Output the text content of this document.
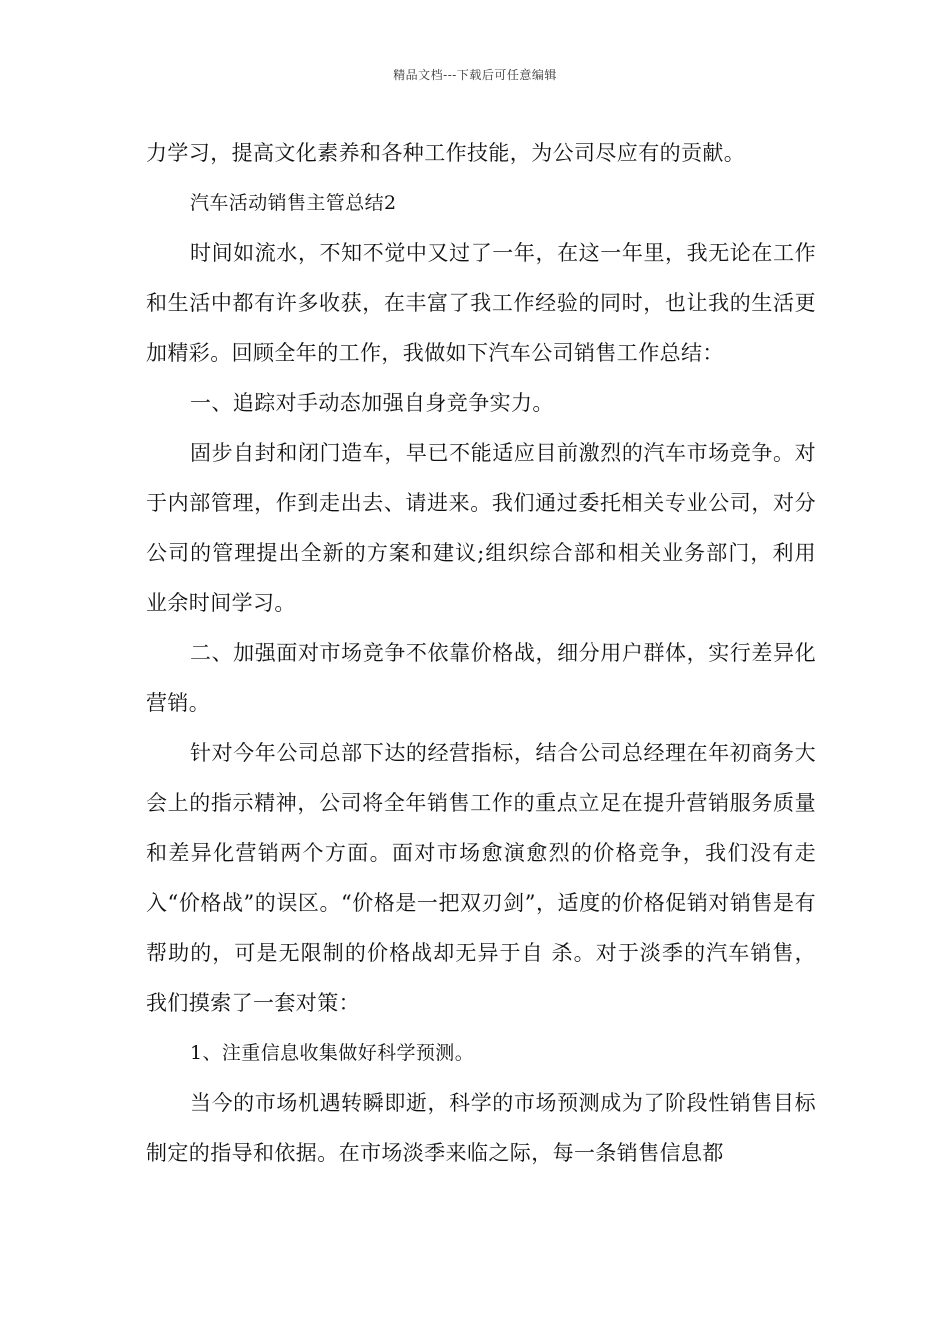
精品文档---下载后可任意编辑

力学习，提高文化素养和各种工作技能，为公司尽应有的贡献。

汽车活动销售主管总结2

时间如流水，不知不觉中又过了一年，在这一年里，我无论在工作和生活中都有许多收获，在丰富了我工作经验的同时，也让我的生活更加精彩。回顾全年的工作，我做如下汽车公司销售工作总结：

一、追踪对手动态加强自身竞争实力。

固步自封和闭门造车，早已不能适应目前激烈的汽车市场竞争。对于内部管理，作到走出去、请进来。我们通过委托相关专业公司，对分公司的管理提出全新的方案和建议;组织综合部和相关业务部门，利用业余时间学习。

二、加强面对市场竞争不依靠价格战，细分用户群体，实行差异化营销。

针对今年公司总部下达的经营指标，结合公司总经理在年初商务大会上的指示精神，公司将全年销售工作的重点立足在提升营销服务质量和差异化营销两个方面。面对市场愈演愈烈的价格竞争，我们没有走入“价格战”的误区。“价格是一把双刃剑”，适度的价格促销对销售是有帮助的，可是无限制的价格战却无异于自 杀。对于淡季的汽车销售，我们摸索了一套对策：

1、注重信息收集做好科学预测。

当今的市场机遇转瞬即逝，科学的市场预测成为了阶段性销售目标制定的指导和依据。在市场淡季来临之际，每一条销售信息都
